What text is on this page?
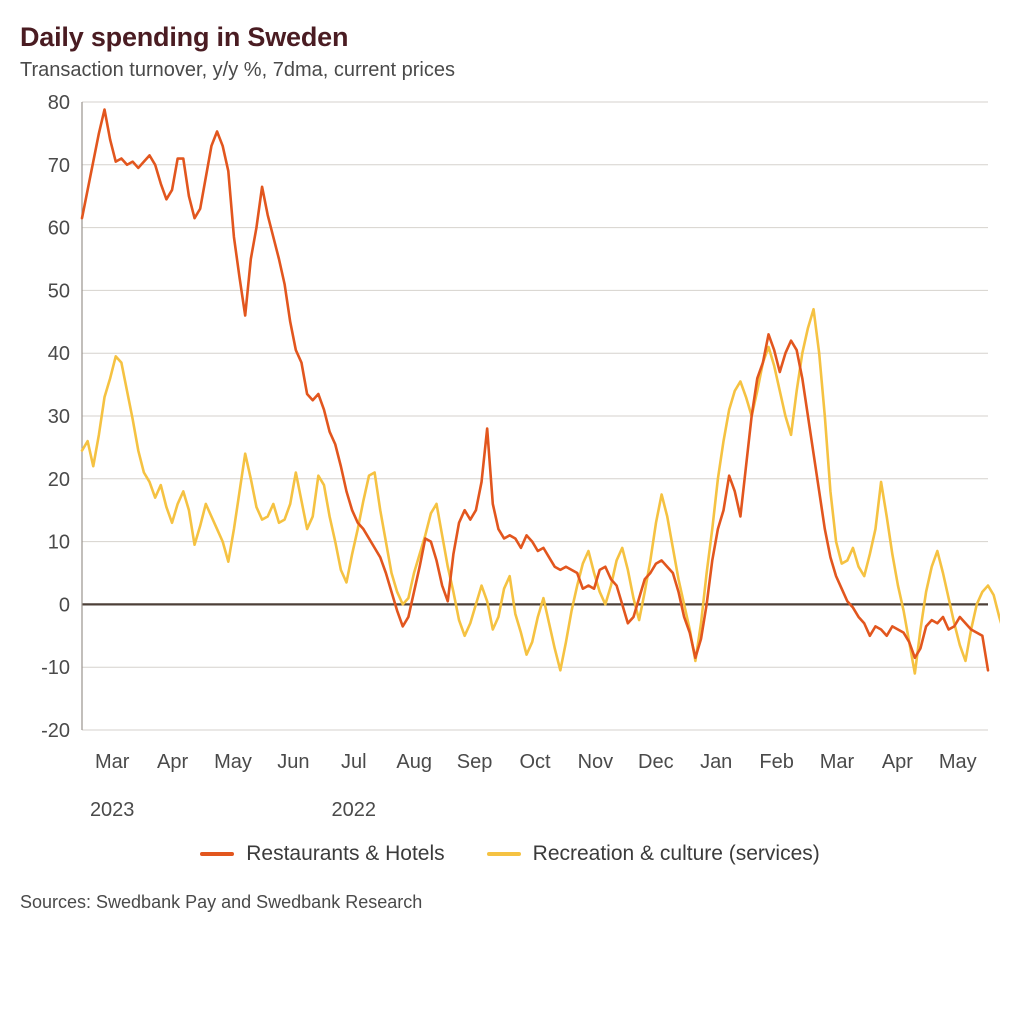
Daily spending in Sweden
Transaction turnover, y/y %, 7dma, current prices
-20
-10
0
10
20
30
40
50
60
70
80
Mar Apr May Jun Jul Aug Sep Oct Nov Dec Jan Feb Mar Apr May
2022
2023
Restaurants & Hotels	Recreation & culture (services)
Sources: Swedbank Pay and Swedbank Research
